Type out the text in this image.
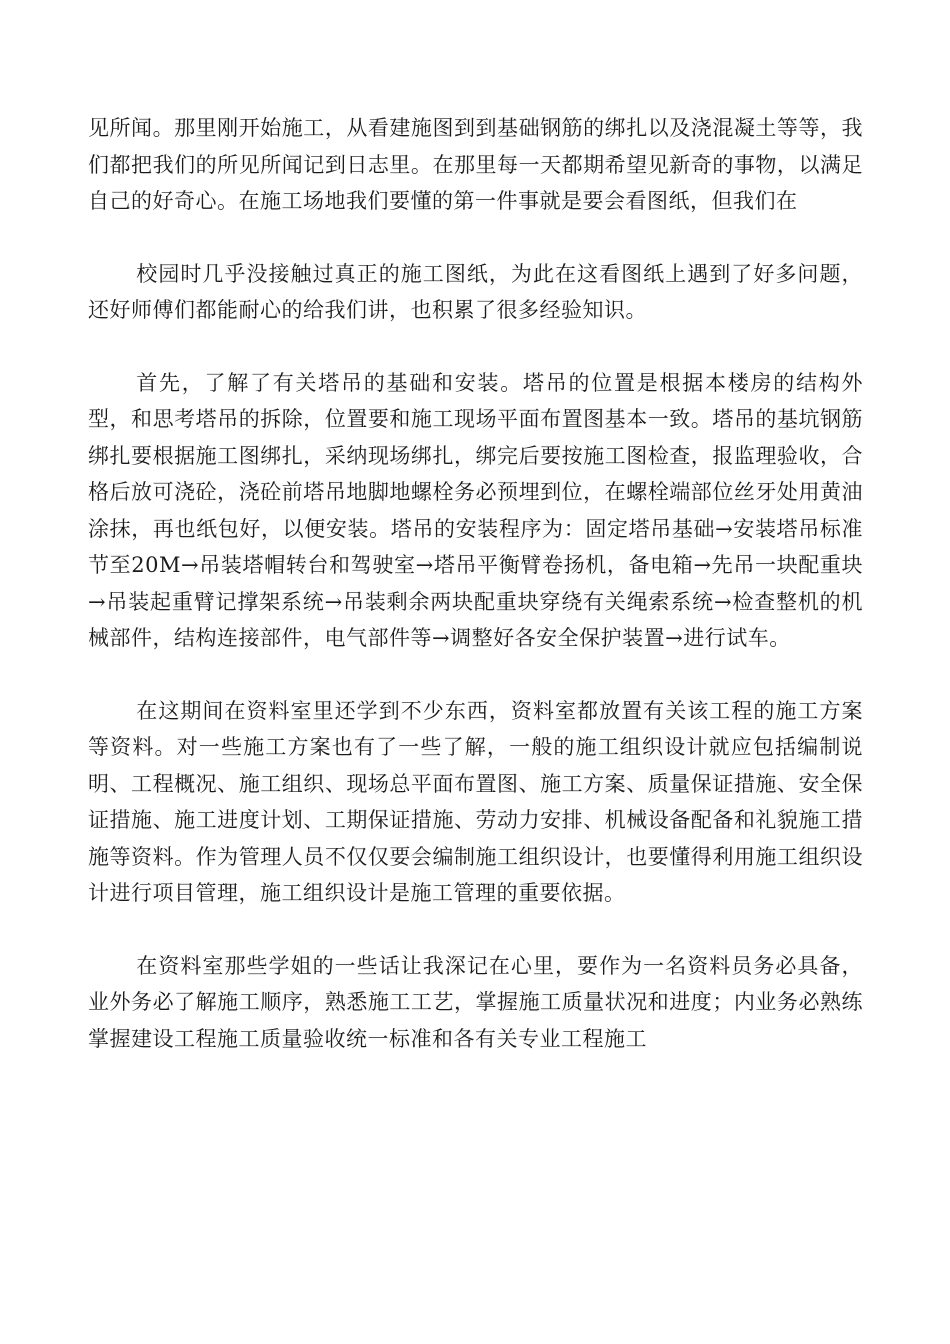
见所闻。那里刚开始施工，从看建施图到到基础钢筋的绑扎以及浇混凝土等等，我们都把我们的所见所闻记到日志里。在那里每一天都期希望见新奇的事物，以满足自己的好奇心。在施工场地我们要懂的第一件事就是要会看图纸，但我们在

校园时几乎没接触过真正的施工图纸，为此在这看图纸上遇到了好多问题，还好师傅们都能耐心的给我们讲，也积累了很多经验知识。

首先，了解了有关塔吊的基础和安装。塔吊的位置是根据本楼房的结构外型，和思考塔吊的拆除，位置要和施工现场平面布置图基本一致。塔吊的基坑钢筋绑扎要根据施工图绑扎，采纳现场绑扎，绑完后要按施工图检查，报监理验收，合格后放可浇砼，浇砼前塔吊地脚地螺栓务必预埋到位，在螺栓端部位丝牙处用黄油涂抹，再也纸包好，以便安装。塔吊的安装程序为：固定塔吊基础→安装塔吊标准节至20M→吊装塔帽转台和驾驶室→塔吊平衡臂卷扬机，备电箱→先吊一块配重块→吊装起重臂记撑架系统→吊装剩余两块配重块穿绕有关绳索系统→检查整机的机械部件，结构连接部件，电气部件等→调整好各安全保护装置→进行试车。

在这期间在资料室里还学到不少东西，资料室都放置有关该工程的施工方案等资料。对一些施工方案也有了一些了解，一般的施工组织设计就应包括编制说明、工程概况、施工组织、现场总平面布置图、施工方案、质量保证措施、安全保证措施、施工进度计划、工期保证措施、劳动力安排、机械设备配备和礼貌施工措施等资料。作为管理人员不仅仅要会编制施工组织设计，也要懂得利用施工组织设计进行项目管理，施工组织设计是施工管理的重要依据。

在资料室那些学姐的一些话让我深记在心里，要作为一名资料员务必具备，业外务必了解施工顺序，熟悉施工工艺，掌握施工质量状况和进度；内业务必熟练掌握建设工程施工质量验收统一标准和各有关专业工程施工
